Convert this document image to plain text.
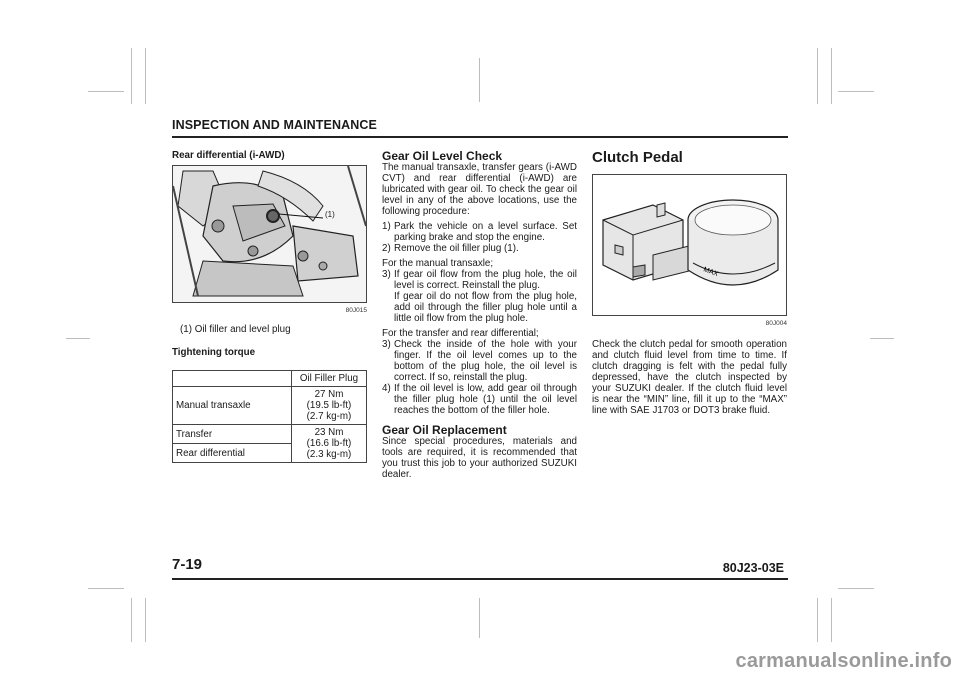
INSPECTION AND MAINTENANCE
Rear differential (i-AWD)
(1)
80J015
(1) Oil filler and level plug
Tightening torque
	Oil Filler Plug
Manual transaxle	27 Nm
(19.5 lb-ft)
(2.7 kg-m)

Transfer	23 Nm
(16.6 lb-ft)
(2.3 kg-m)

Rear differential	
Gear Oil Level Check

The manual transaxle, transfer gears (i-AWD CVT) and rear differential (i-AWD) are lubricated with gear oil. To check the gear oil level in any of the above locations, use the following procedure:

1) Park the vehicle on a level surface. Set parking brake and stop the engine.
2) Remove the oil filler plug (1).

For the manual transaxle;

3) If gear oil flow from the plug hole, the oil level is correct. Reinstall the plug.
If gear oil do not flow from the plug hole, add oil through the filler plug hole until a little oil flow from the plug hole.

For the transfer and rear differential;

3) Check the inside of the hole with your finger. If the oil level comes up to the bottom of the plug hole, the oil level is correct. If so, reinstall the plug.
4) If the oil level is low, add gear oil through the filler plug hole (1) until the oil level reaches the bottom of the filler hole.
Gear Oil Replacement

Since special procedures, materials and tools are required, it is recommended that you trust this job to your authorized SUZUKI dealer.

Clutch Pedal
MAX
80J004

Check the clutch pedal for smooth operation and clutch fluid level from time to time. If clutch dragging is felt with the pedal fully depressed, have the clutch inspected by your SUZUKI dealer. If the clutch fluid level is near the “MIN” line, fill it up to the “MAX” line with SAE J1703 or DOT3 brake fluid.

7-19	80J23-03E
carmanualsonline.info
